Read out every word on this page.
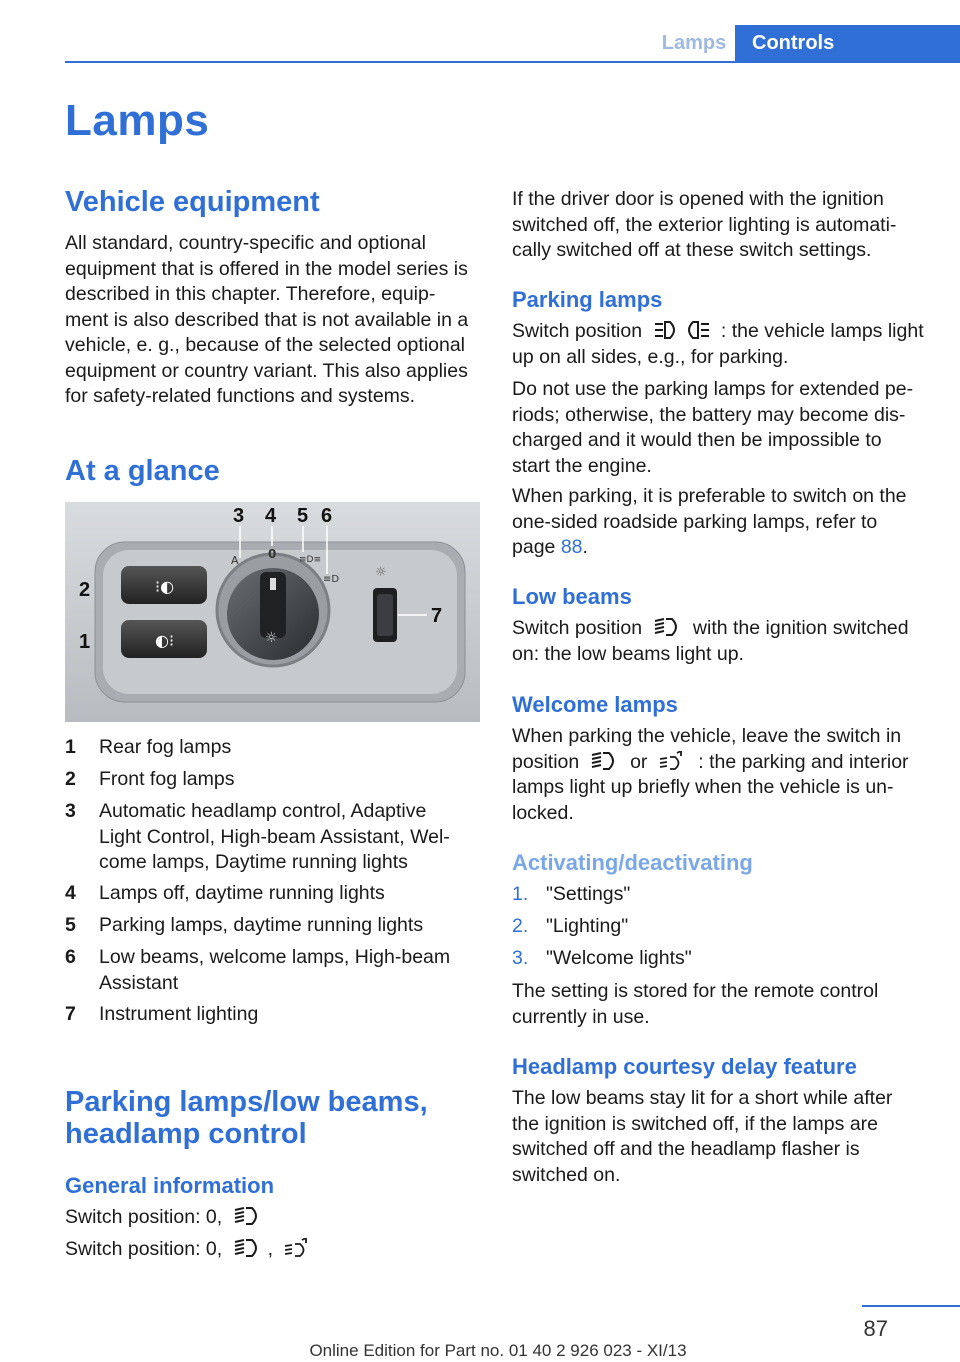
Lamps	Controls
Lamps
Vehicle equipment
All standard, country-specific and optional
equipment that is offered in the model series is
described in this chapter. Therefore, equip-
ment is also described that is not available in a
vehicle, e. g., because of the selected optional
equipment or country variant. This also applies
for safety-related functions and systems.
At a glance
⁝◐
◐⁝	☼
A 0	≡D≡
≡D	☼
2
1
3 4 5 6
7
1 Rear fog lamps
2 Front fog lamps
3 Automatic headlamp control, Adaptive
Light Control, High-beam Assistant, Wel-
come lamps, Daytime running lights
4 Lamps off, daytime running lights
5 Parking lamps, daytime running lights
6 Low beams, welcome lamps, High-beam
Assistant
7 Instrument lighting
Parking lamps/low beams,
headlamp control
General information
Switch position: 0,
Switch position: 0, ,
If the driver door is opened with the ignition
switched off, the exterior lighting is automati-
cally switched off at these switch settings.
Parking lamps
Switch position	: the vehicle lamps light
up on all sides, e.g., for parking.
Do not use the parking lamps for extended pe-
riods; otherwise, the battery may become dis-
charged and it would then be impossible to
start the engine.
When parking, it is preferable to switch on the
one-sided roadside parking lamps, refer to
page 88.
Low beams
Switch position	with the ignition switched
on: the low beams light up.
Welcome lamps
When parking the vehicle, leave the switch in
position	or	: the parking and interior
lamps light up briefly when the vehicle is un-
locked.
Activating/deactivating
1. "Settings"
2. "Lighting"
3. "Welcome lights"
The setting is stored for the remote control
currently in use.
Headlamp courtesy delay feature
The low beams stay lit for a short while after
the ignition is switched off, if the lamps are
switched off and the headlamp flasher is
switched on.
87
Online Edition for Part no. 01 40 2 926 023 - XI/13
